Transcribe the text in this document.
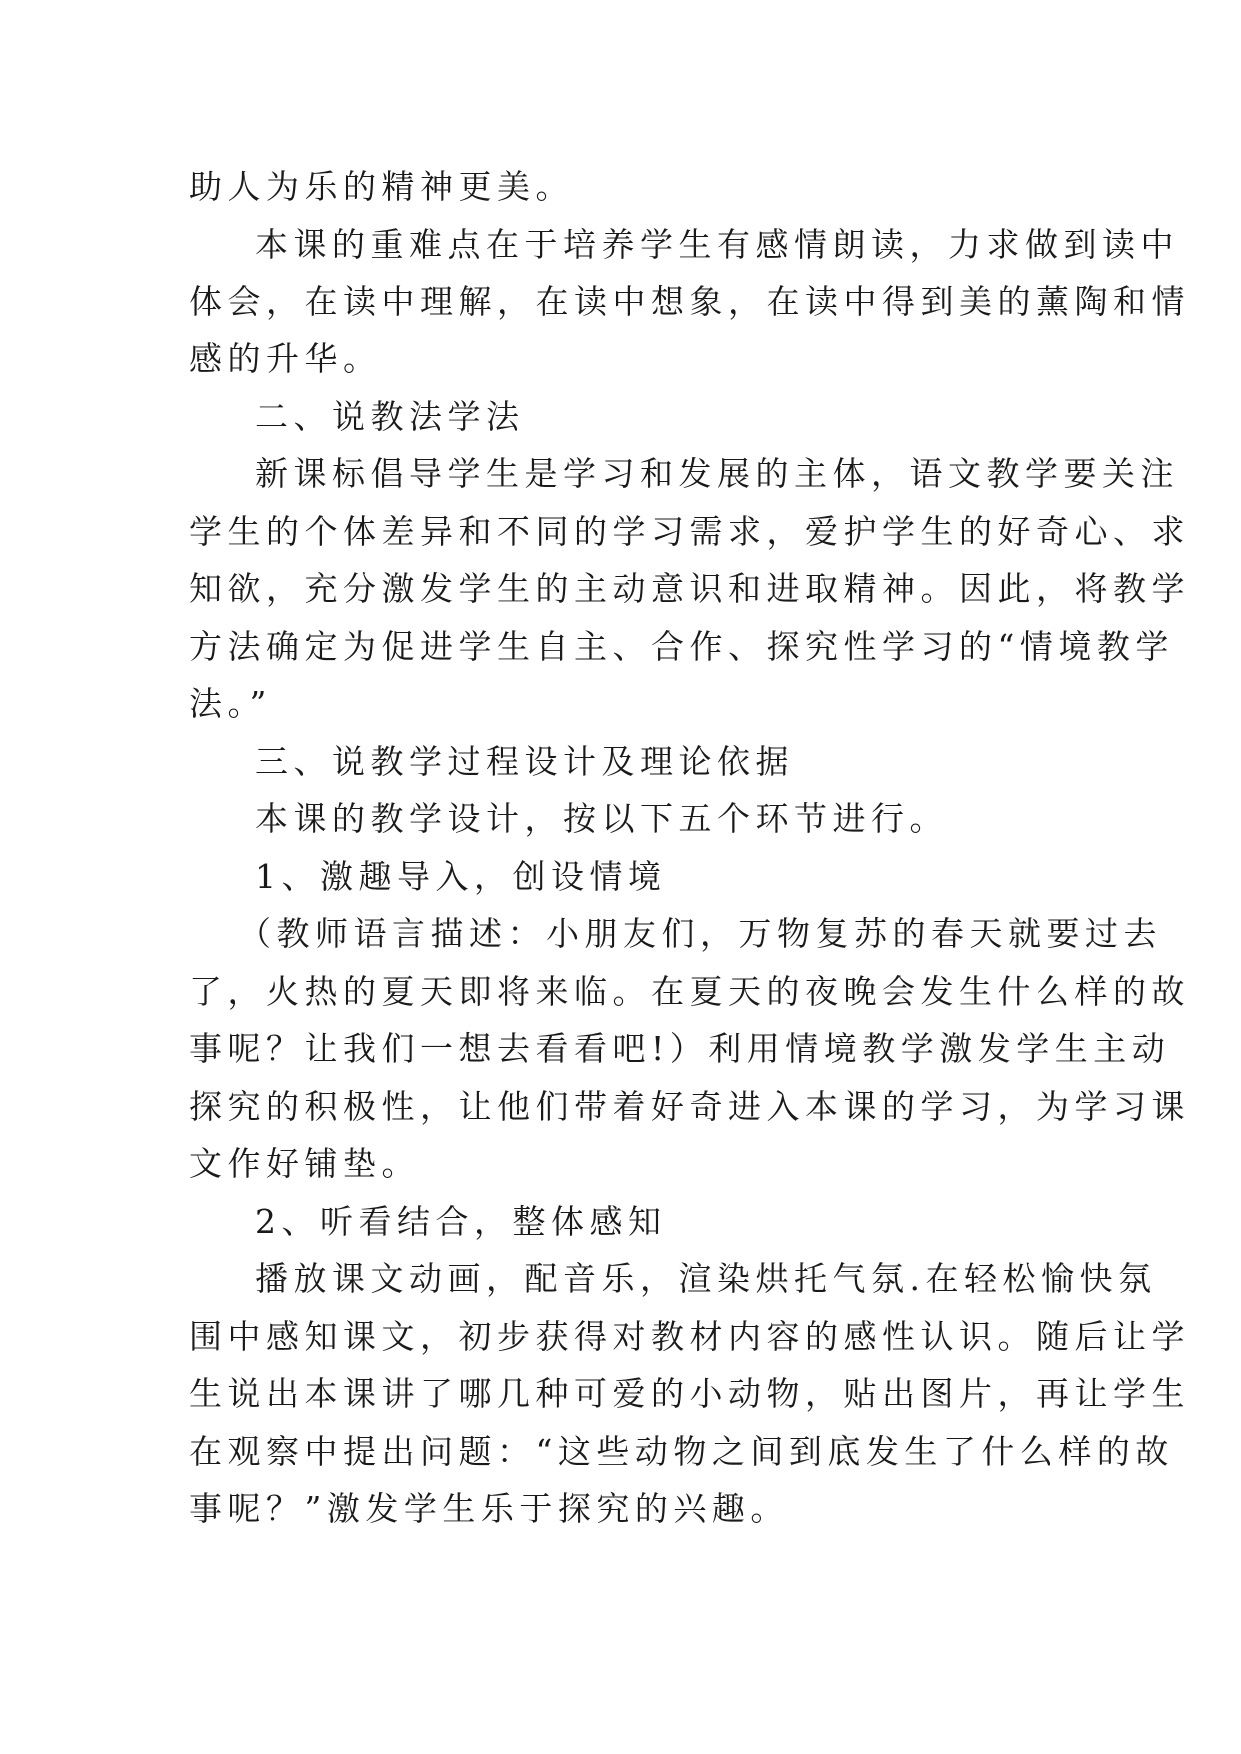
助人为乐的精神更美。

本课的重难点在于培养学生有感情朗读，力求做到读中

体会，在读中理解，在读中想象，在读中得到美的薰陶和情

感的升华。

二、说教法学法

新课标倡导学生是学习和发展的主体，语文教学要关注

学生的个体差异和不同的学习需求，爱护学生的好奇心、求

知欲，充分激发学生的主动意识和进取精神。因此，将教学

方法确定为促进学生自主、合作、探究性学习的“情境教学

法。”

三、说教学过程设计及理论依据

本课的教学设计，按以下五个环节进行。

1、激趣导入，创设情境

（教师语言描述：小朋友们，万物复苏的春天就要过去

了，火热的夏天即将来临。在夏天的夜晚会发生什么样的故

事呢？让我们一想去看看吧!）利用情境教学激发学生主动

探究的积极性，让他们带着好奇进入本课的学习，为学习课

文作好铺垫。

2、听看结合，整体感知

播放课文动画，配音乐，渲染烘托气氛.在轻松愉快氛

围中感知课文，初步获得对教材内容的感性认识。随后让学

生说出本课讲了哪几种可爱的小动物，贴出图片，再让学生

在观察中提出问题：“这些动物之间到底发生了什么样的故

事呢？”激发学生乐于探究的兴趣。
